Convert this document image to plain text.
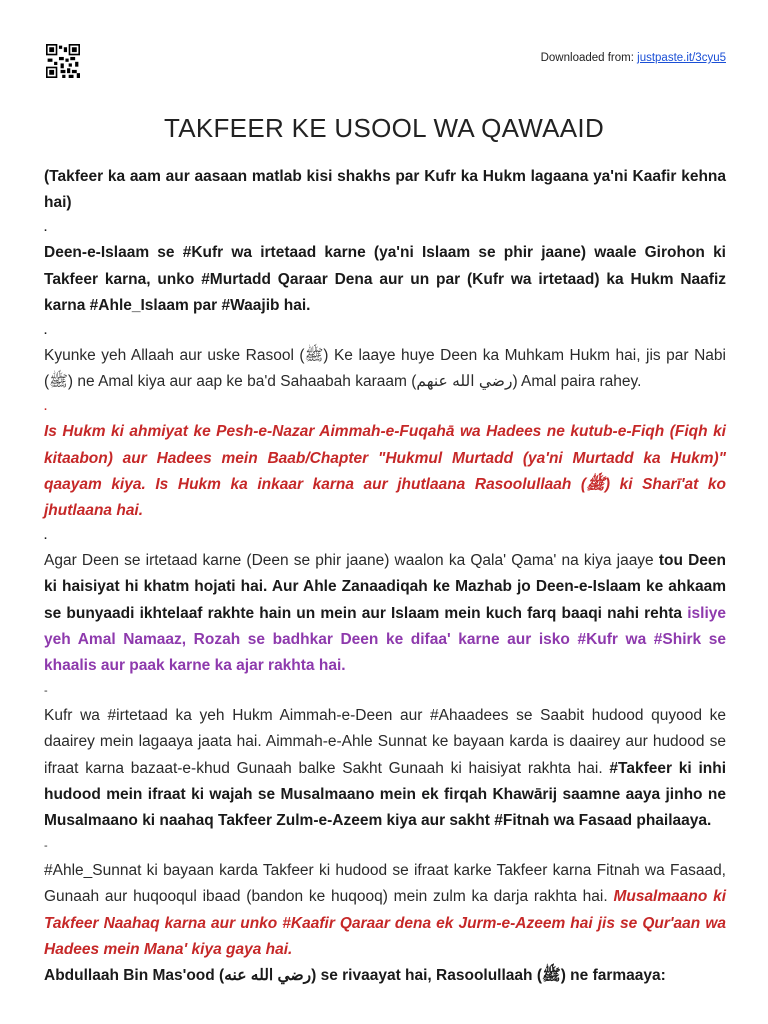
Downloaded from: justpaste.it/3cyu5
TAKFEER KE USOOL WA QAWAAID

(Takfeer ka aam aur aasaan matlab kisi shakhs par Kufr ka Hukm lagaana ya'ni Kaafir kehna hai)

.

Deen-e-Islaam se #Kufr wa irtetaad karne (ya'ni Islaam se phir jaane) waale Girohon ki Takfeer karna, unko #Murtadd Qaraar Dena aur un par (Kufr wa irtetaad) ka Hukm Naafiz karna #Ahle_Islaam par #Waajib hai.

.

Kyunke yeh Allaah aur uske Rasool (ﷺ) Ke laaye huye Deen ka Muhkam Hukm hai, jis par Nabi (ﷺ) ne Amal kiya aur aap ke ba'd Sahaabah karaam (رضي الله عنهم) Amal paira rahey.

.

Is Hukm ki ahmiyat ke Pesh-e-Nazar Aimmah-e-Fuqahā wa Hadees ne kutub-e-Fiqh (Fiqh ki kitaabon) aur Hadees mein Baab/Chapter "Hukmul Murtadd (ya'ni Murtadd ka Hukm)" qaayam kiya. Is Hukm ka inkaar karna aur jhutlaana Rasoolullaah (ﷺ) ki Sharī'at ko jhutlaana hai.

.

Agar Deen se irtetaad karne (Deen se phir jaane) waalon ka Qala' Qama' na kiya jaaye tou Deen ki haisiyat hi khatm hojati hai. Aur Ahle Zanaadiqah ke Mazhab jo Deen-e-Islaam ke ahkaam se bunyaadi ikhtelaaf rakhte hain un mein aur Islaam mein kuch farq baaqi nahi rehta isliye yeh Amal Namaaz, Rozah se badhkar Deen ke difaa' karne aur isko #Kufr wa #Shirk se khaalis aur paak karne ka ajar rakhta hai.

-

Kufr wa #irtetaad ka yeh Hukm Aimmah-e-Deen aur #Ahaadees se Saabit hudood quyood ke daairey mein lagaaya jaata hai. Aimmah-e-Ahle Sunnat ke bayaan karda is daairey aur hudood se ifraat karna bazaat-e-khud Gunaah balke Sakht Gunaah ki haisiyat rakhta hai. #Takfeer ki inhi hudood mein ifraat ki wajah se Musalmaano mein ek firqah Khawārij saamne aaya jinho ne Musalmaano ki naahaq Takfeer Zulm-e-Azeem kiya aur sakht #Fitnah wa Fasaad phailaaya.

-

#Ahle_Sunnat ki bayaan karda Takfeer ki hudood se ifraat karke Takfeer karna Fitnah wa Fasaad, Gunaah aur huqooqul ibaad (bandon ke huqooq) mein zulm ka darja rakhta hai. Musalmaano ki Takfeer Naahaq karna aur unko #Kaafir Qaraar dena ek Jurm-e-Azeem hai jis se Qur'aan wa Hadees mein Mana' kiya gaya hai.

Abdullaah Bin Mas'ood (رضي الله عنه) se rivaayat hai, Rasoolullaah (ﷺ) ne farmaaya:
